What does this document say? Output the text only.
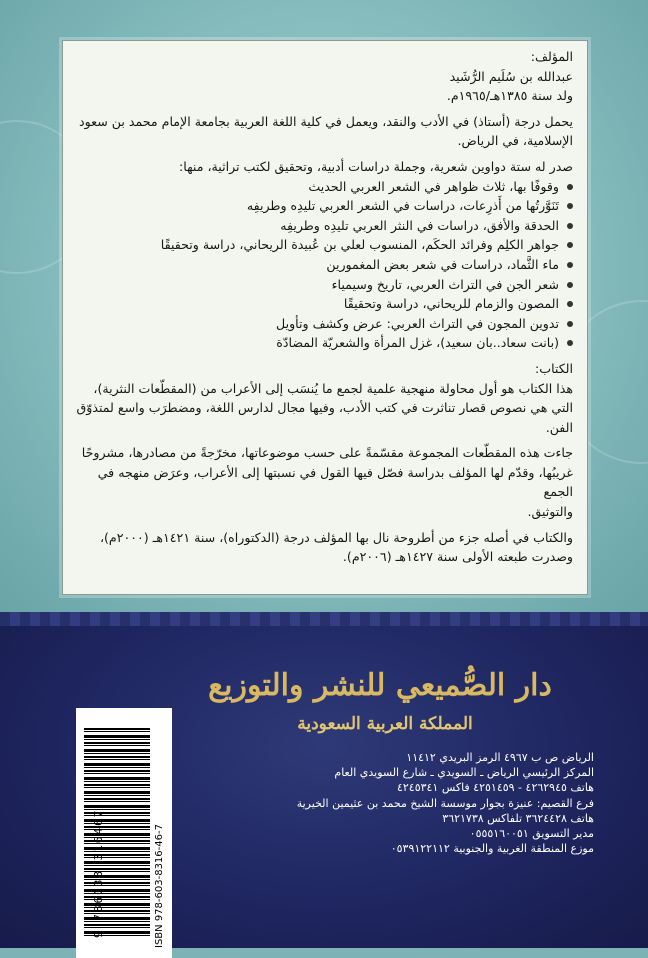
المؤلف:

عبدالله بن سُلَيم الرُّشَيد

ولد سنة ١٣٨٥هـ/١٩٦٥م.

يحمل درجة (أستاذ) في الأدب والنقد، ويعمل في كلية اللغة العربية بجامعة الإمام محمد بن سعود

الإسلامية، في الرياض.

صدر له ستة دواوين شعرية، وجملة دراسات أدبية، وتحقيق لكتب تراثية، منها:

وقوفًا بها، ثلاث ظواهر في الشعر العربي الحديث
تَنَوَّرتُها من أَذرِعات، دراسات في الشعر العربي تليدِه وطريفِه
الحدقة والأفق، دراسات في النثر العربي تليدِه وطريفِه
جواهر الكلِم وفرائد الحكَم، المنسوب لعلي بن عُبيدة الريحاني، دراسة وتحقيقًا
ماء الثَّماد، دراسات في شعر بعض المغمورين
شعر الجن في التراث العربي، تاريخ وسيمياء
المصون والزمام للريحاني، دراسة وتحقيقًا
تدوين المجون في التراث العربي: عرض وكشف وتأويل
(بانت سعاد..بان سعيد)، غزل المرأة والشعريّة المضادّة

الكتاب:

هذا الكتاب هو أول محاولة منهجية علمية لجمع ما يُنسَب إلى الأعراب من (المقطّعات النثرية)،

التي هي نصوص قصار تناثرت في كتب الأدب، وفيها مجال لدارس اللغة، ومضطرَب واسع لمتذوّق

الفن.

جاءت هذه المقطّعات المجموعة مقسّمةً على حسب موضوعاتها، مخرّجةً من مصادرها، مشروحًا

غريبُها، وقدّم لها المؤلف بدراسة فصّل فيها القول في نسبتها إلى الأعراب، وعرَض منهجه في الجمع

والتوثيق.

والكتاب في أصله جزء من أطروحة نال بها المؤلف درجة (الدكتوراه)، سنة ١٤٢١هـ (٢٠٠٠م)،

وصدرت طبعته الأولى سنة ١٤٢٧هـ (٢٠٠٦م).

دار الصُّميعي للنشر والتوزيع
المملكة العربية السعودية

الرياض ص ب ٤٩٦٧ الرمز البريدي ١١٤١٢

المركز الرئيسي الرياض ـ السويدي ـ شارع السويدي العام

هاتف ٤٢٦٢٩٤٥ - ٤٢٥١٤٥٩ فاكس ٤٢٤٥٣٤١

فرع القصيم: عنيزة بجوار موسسة الشيخ محمد بن عثيمين الخيرية

هاتف ٣٦٢٤٤٢٨ تلفاكس ٣٦٢١٧٣٨

مدير التسويق ٠٥٥٥١٦٠٠٥١

موزع المنطقة الغربية والجنوبية ٠٥٣٩١٢٢١١٢

ISBN 978-603-8316-46-7
9 786038 316467
